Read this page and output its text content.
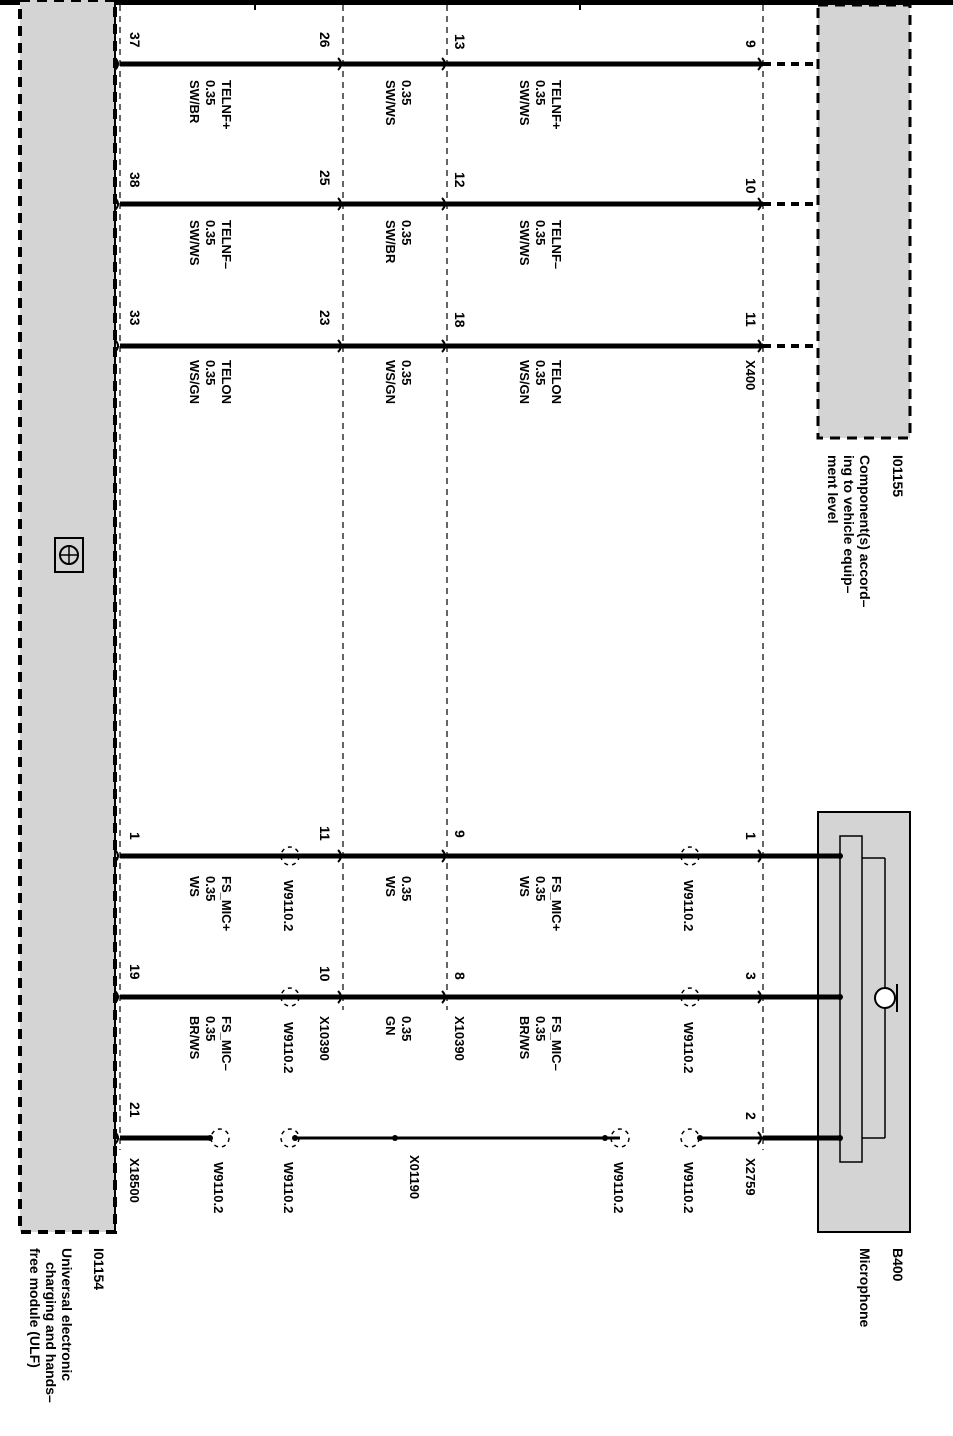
9
10
11
13
12
18
26
25
23
37
38
33
1
3
2
9
8
11
10
1
19
21
X400
X2759
X10390
X10390
X01190
X18500
TELNF+
0.35
SW/WS
TELNF–
0.35
SW/WS
TELON
0.35
WS/GN
0.35
SW/WS
0.35
SW/BR
0.35
WS/GN
TELNF+
0.35
SW/BR
TELNF–
0.35
SW/WS
TELON
0.35
WS/GN
FS_MIC+
0.35
WS
FS_MIC–
0.35
BR/WS
0.35
WS
0.35
GN
FS_MIC+
0.35
WS
FS_MIC–
0.35
BR/WS
W9110.2
W9110.2
W9110.2
W9110.2
W9110.2
W9110.2
W9110.2
W9110.2
I01155
Component(s) accord–
ing to vehicle equip–
ment level
B400
Microphone
I01154
Universal electronic
charging and hands–
free module (ULF)
